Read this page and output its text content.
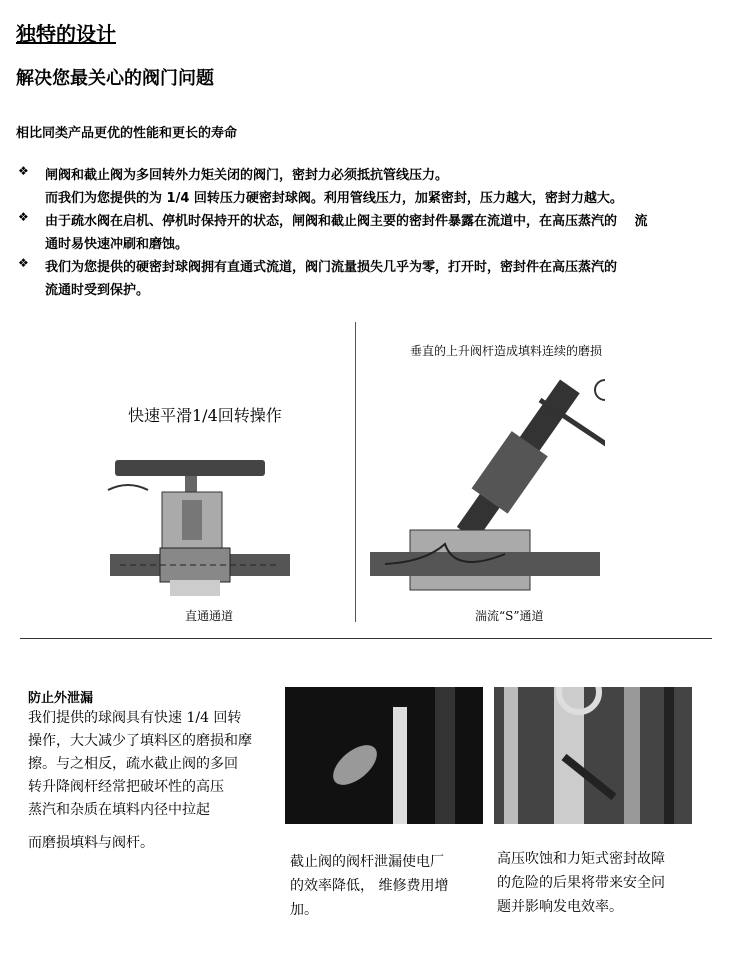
独特的设计
解决您最关心的阀门问题
相比同类产品更优的性能和更长的寿命
❖ 闸阀和截止阀为多回转外力矩关闭的阀门，密封力必须抵抗管线压力。
而我们为您提供的为 1/4 回转压力硬密封球阀。利用管线压力，加紧密封，压力越大，密封力越大。
❖ 由于疏水阀在启机、停机时保持开的状态，闸阀和截止阀主要的密封件暴露在流道中，在高压蒸汽的　 流
通时易快速冲刷和磨蚀。
❖ 我们为您提供的硬密封球阀拥有直通式流道，阀门流量损失几乎为零，打开时，密封件在高压蒸汽的
流通时受到保护。
快速平滑1/4回转操作
直通通道
垂直的上升阀杆造成填料连续的磨损
湍流“S”通道
防止外泄漏
我们提供的球阀具有快速 1/4 回转
操作，大大减少了填料区的磨损和摩
擦。与之相反，疏水截止阀的多回
转升降阀杆经常把破坏性的高压
蒸汽和杂质在填料内径中拉起
而磨损填料与阀杆。
截止阀的阀杆泄漏使电厂
的效率降低， 维修费用增
加。
高压吹蚀和力矩式密封故障
的危险的后果将带来安全问
题并影响发电效率。
